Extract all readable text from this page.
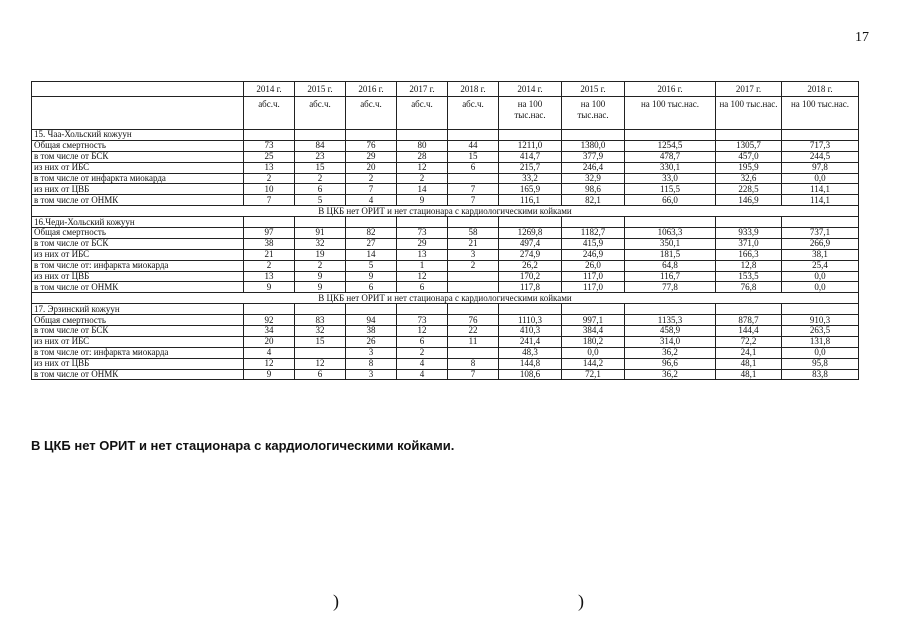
17
	2014 г.	2015 г.	2016 г.	2017 г.	2018 г.	2014 г.	2015 г.	2016 г.	2017 г.	2018 г.
	абс.ч.	абс.ч.	абс.ч.	абс.ч.	абс.ч.	на 100 тыс.нас.	на 100 тыс.нас.	на 100 тыс.нас.	на 100 тыс.нас.	на 100 тыс.нас.
15. Чаа-Хольский кожуун										
Общая смертность	73	84	76	80	44	1211,0	1380,0	1254,5	1305,7	717,3
в том числе от БСК	25	23	29	28	15	414,7	377,9	478,7	457,0	244,5
из них от ИБС	13	15	20	12	6	215,7	246,4	330,1	195,9	97,8
в том числе от инфаркта миокарда	2	2	2	2		33,2	32,9	33,0	32,6	0,0
из них от ЦВБ	10	6	7	14	7	165,9	98,6	115,5	228,5	114,1
в том числе от ОНМК	7	5	4	9	7	116,1	82,1	66,0	146,9	114,1
В ЦКБ нет ОРИТ и нет стационара с кардиологическими койками										
16.Чеди-Хольский кожуун										
Общая смертность	97	91	82	73	58	1269,8	1182,7	1063,3	933,9	737,1
в том числе от БСК	38	32	27	29	21	497,4	415,9	350,1	371,0	266,9
из них от ИБС	21	19	14	13	3	274,9	246,9	181,5	166,3	38,1
в том числе от: инфаркта миокарда	2	2	5	1	2	26,2	26,0	64,8	12,8	25,4
из них от ЦВБ	13	9	9	12		170,2	117,0	116,7	153,5	0,0
в том числе от ОНМК	9	9	6	6		117,8	117,0	77,8	76,8	0,0
В ЦКБ нет ОРИТ и нет стационара с кардиологическими койками										
17. Эрзинский кожуун										
Общая смертность	92	83	94	73	76	1110,3	997,1	1135,3	878,7	910,3
в том числе от БСК	34	32	38	12	22	410,3	384,4	458,9	144,4	263,5
из них от ИБС	20	15	26	6	11	241,4	180,2	314,0	72,2	131,8
в том числе от: инфаркта миокарда	4		3	2		48,3	0,0	36,2	24,1	0,0
из них от ЦВБ	12	12	8	4	8	144,8	144,2	96,6	48,1	95,8
в том числе от ОНМК	9	6	3	4	7	108,6	72,1	36,2	48,1	83,8
В ЦКБ нет ОРИТ и нет стационара с кардиологическими койками.
)	)
